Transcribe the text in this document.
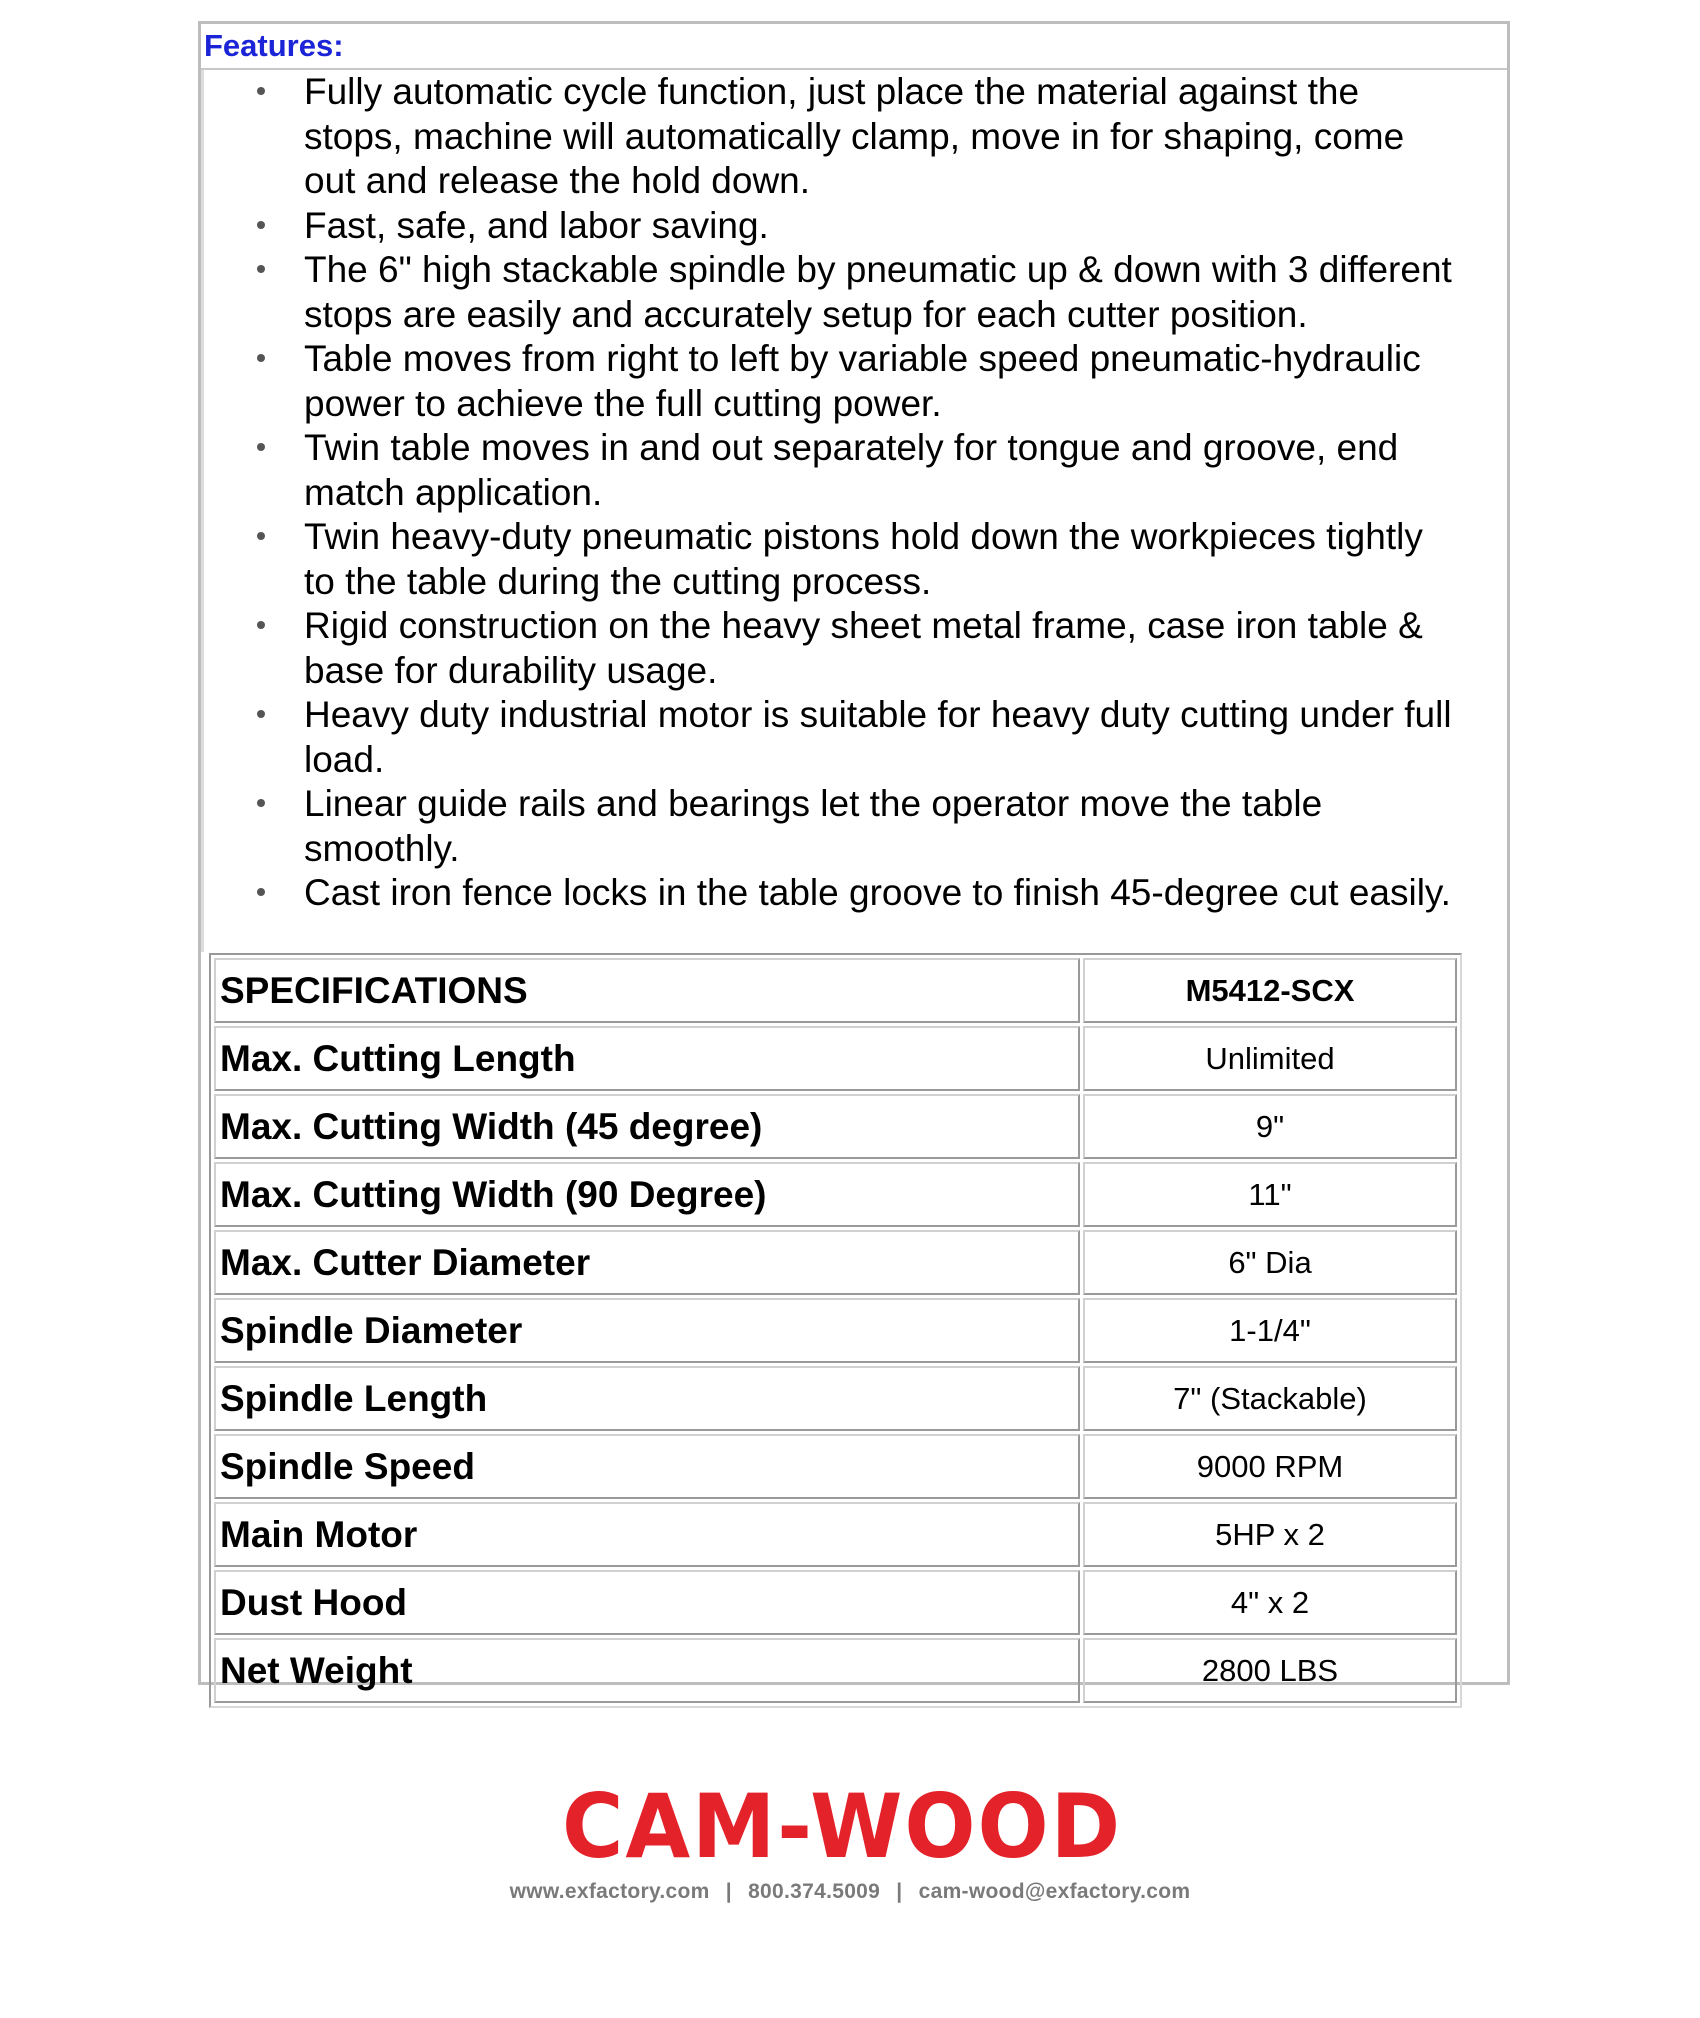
Features:
Fully automatic cycle function, just place the material against the
stops, machine will automatically clamp, move in for shaping, come
out and release the hold down.
Fast, safe, and labor saving.
The 6" high stackable spindle by pneumatic up & down with 3 different
stops are easily and accurately setup for each cutter position.
Table moves from right to left by variable speed pneumatic-hydraulic
power to achieve the full cutting power.
Twin table moves in and out separately for tongue and groove, end
match application.
Twin heavy-duty pneumatic pistons hold down the workpieces tightly
to the table during the cutting process.
Rigid construction on the heavy sheet metal frame, case iron table &
base for durability usage.
Heavy duty industrial motor is suitable for heavy duty cutting under full
load.
Linear guide rails and bearings let the operator move the table
smoothly.
Cast iron fence locks in the table groove to finish 45-degree cut easily.
SPECIFICATIONS	M5412-SCX
Max. Cutting Length	Unlimited
Max. Cutting Width (45 degree)	9"
Max. Cutting Width (90 Degree)	11"
Max. Cutter Diameter	6" Dia
Spindle Diameter	1-1/4"
Spindle Length	7" (Stackable)
Spindle Speed	9000 RPM
Main Motor	5HP x 2
Dust Hood	4" x 2
Net Weight	2800 LBS
CAM-WOOD
www.exfactory.com | 800.374.5009 | cam-wood@exfactory.com
